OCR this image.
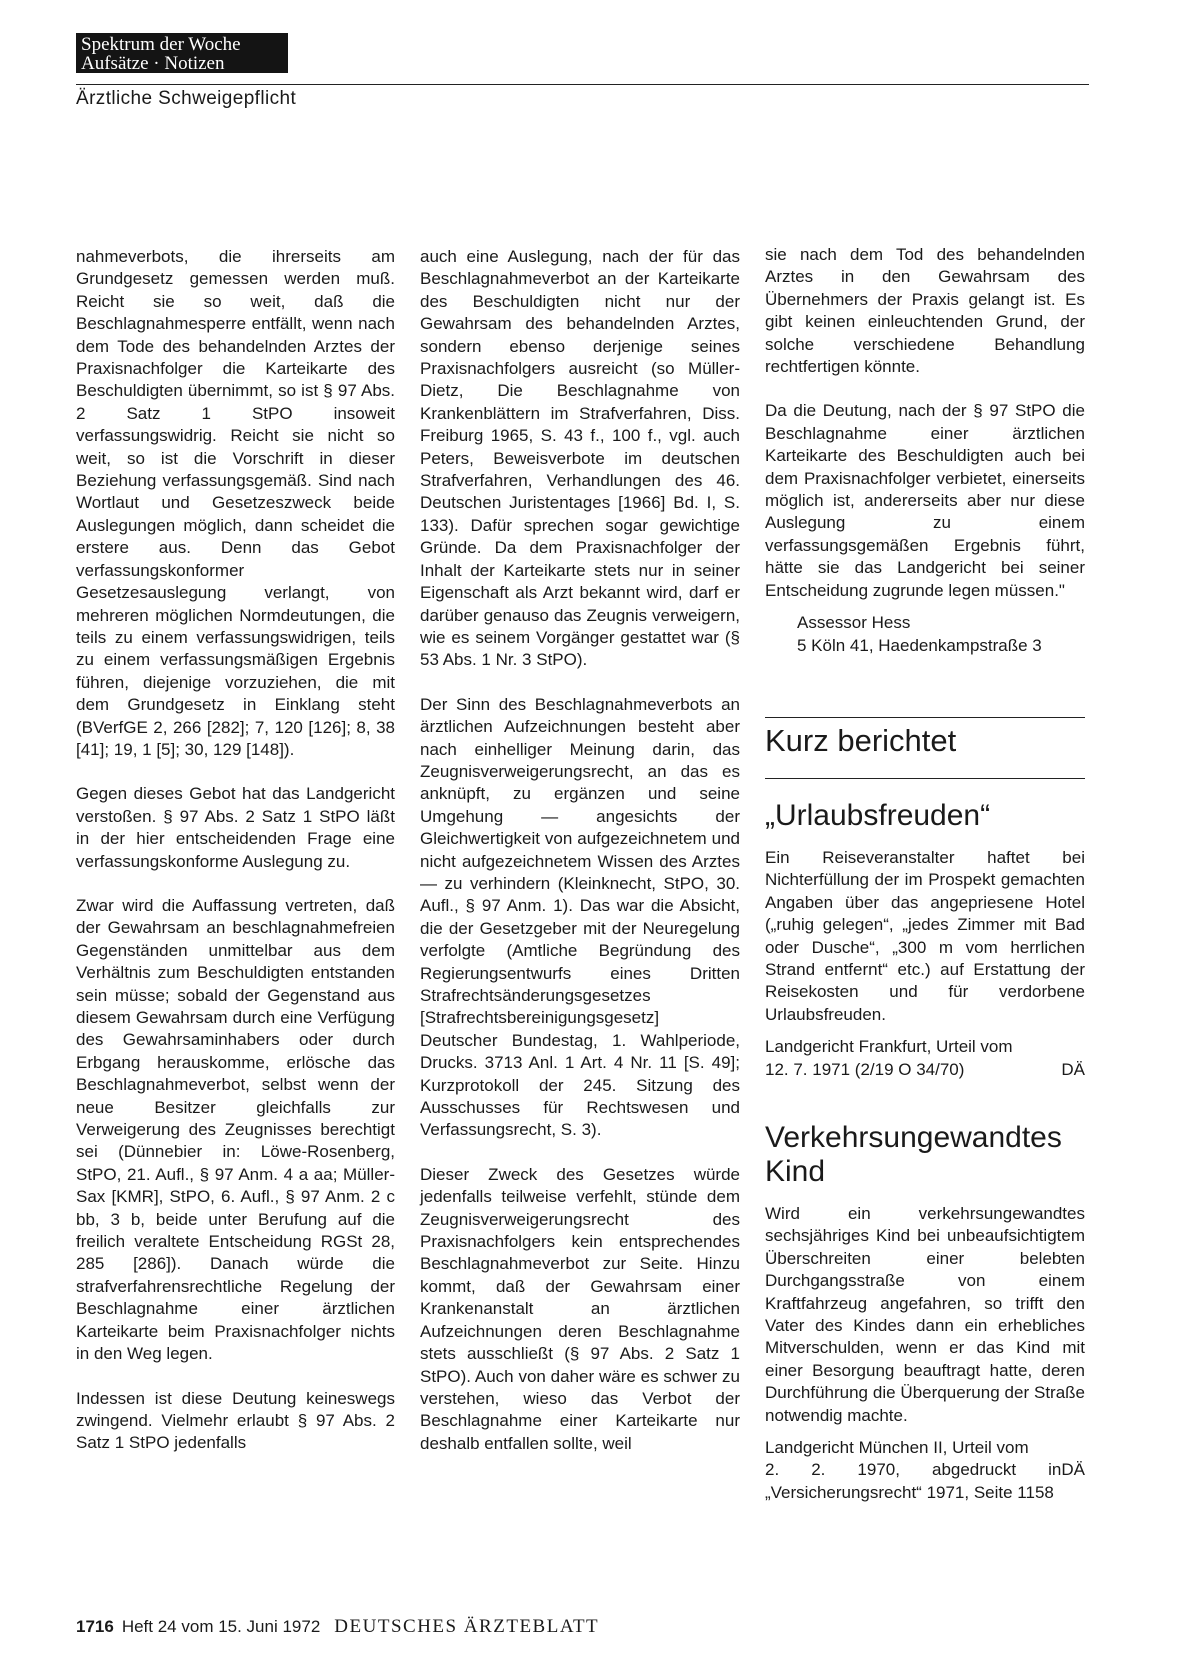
Spektrum der Woche
Aufsätze · Notizen
Ärztliche Schweigepflicht

nahmeverbots, die ihrerseits am Grundgesetz gemessen werden muß. Reicht sie so weit, daß die Beschlagnahmesperre entfällt, wenn nach dem Tode des behandelnden Arztes der Praxisnachfolger die Karteikarte des Beschuldigten übernimmt, so ist § 97 Abs. 2 Satz 1 StPO insoweit verfassungswidrig. Reicht sie nicht so weit, so ist die Vorschrift in dieser Beziehung verfassungsgemäß. Sind nach Wortlaut und Gesetzeszweck beide Auslegungen möglich, dann scheidet die erstere aus. Denn das Gebot verfassungskonformer Gesetzesauslegung verlangt, von mehreren möglichen Normdeutungen, die teils zu einem verfassungswidrigen, teils zu einem verfassungsmäßigen Ergebnis führen, diejenige vorzuziehen, die mit dem Grundgesetz in Einklang steht (BVerfGE 2, 266 [282]; 7, 120 [126]; 8, 38 [41]; 19, 1 [5]; 30, 129 [148]).

Gegen dieses Gebot hat das Landgericht verstoßen. § 97 Abs. 2 Satz 1 StPO läßt in der hier entscheidenden Frage eine verfassungskonforme Auslegung zu.

Zwar wird die Auffassung vertreten, daß der Gewahrsam an beschlagnahmefreien Gegenständen unmittelbar aus dem Verhältnis zum Beschuldigten entstanden sein müsse; sobald der Gegenstand aus diesem Gewahrsam durch eine Verfügung des Gewahrsaminhabers oder durch Erbgang herauskomme, erlösche das Beschlagnahmeverbot, selbst wenn der neue Besitzer gleichfalls zur Verweigerung des Zeugnisses berechtigt sei (Dünnebier in: Löwe-Rosenberg, StPO, 21. Aufl., § 97 Anm. 4 a aa; Müller-Sax [KMR], StPO, 6. Aufl., § 97 Anm. 2 c bb, 3 b, beide unter Berufung auf die freilich veraltete Entscheidung RGSt 28, 285 [286]). Danach würde die strafverfahrensrechtliche Regelung der Beschlagnahme einer ärztlichen Karteikarte beim Praxisnachfolger nichts in den Weg legen.

Indessen ist diese Deutung keineswegs zwingend. Vielmehr erlaubt § 97 Abs. 2 Satz 1 StPO jedenfalls

auch eine Auslegung, nach der für das Beschlagnahmeverbot an der Karteikarte des Beschuldigten nicht nur der Gewahrsam des behandelnden Arztes, sondern ebenso derjenige seines Praxisnachfolgers ausreicht (so Müller-Dietz, Die Beschlagnahme von Krankenblättern im Strafverfahren, Diss. Freiburg 1965, S. 43 f., 100 f., vgl. auch Peters, Beweisverbote im deutschen Strafverfahren, Verhandlungen des 46. Deutschen Juristentages [1966] Bd. I, S. 133). Dafür sprechen sogar gewichtige Gründe. Da dem Praxisnachfolger der Inhalt der Karteikarte stets nur in seiner Eigenschaft als Arzt bekannt wird, darf er darüber genauso das Zeugnis verweigern, wie es seinem Vorgänger gestattet war (§ 53 Abs. 1 Nr. 3 StPO).

Der Sinn des Beschlagnahmeverbots an ärztlichen Aufzeichnungen besteht aber nach einhelliger Meinung darin, das Zeugnisverweigerungsrecht, an das es anknüpft, zu ergänzen und seine Umgehung — angesichts der Gleichwertigkeit von aufgezeichnetem und nicht aufgezeichnetem Wissen des Arztes — zu verhindern (Kleinknecht, StPO, 30. Aufl., § 97 Anm. 1). Das war die Absicht, die der Gesetzgeber mit der Neuregelung verfolgte (Amtliche Begründung des Regierungsentwurfs eines Dritten Strafrechtsänderungsgesetzes [Strafrechtsbereinigungsgesetz] Deutscher Bundestag, 1. Wahlperiode, Drucks. 3713 Anl. 1 Art. 4 Nr. 11 [S. 49]; Kurzprotokoll der 245. Sitzung des Ausschusses für Rechtswesen und Verfassungsrecht, S. 3).

Dieser Zweck des Gesetzes würde jedenfalls teilweise verfehlt, stünde dem Zeugnisverweigerungsrecht des Praxisnachfolgers kein entsprechendes Beschlagnahmeverbot zur Seite. Hinzu kommt, daß der Gewahrsam einer Krankenanstalt an ärztlichen Aufzeichnungen deren Beschlagnahme stets ausschließt (§ 97 Abs. 2 Satz 1 StPO). Auch von daher wäre es schwer zu verstehen, wieso das Verbot der Beschlagnahme einer Karteikarte nur deshalb entfallen sollte, weil

sie nach dem Tod des behandelnden Arztes in den Gewahrsam des Übernehmers der Praxis gelangt ist. Es gibt keinen einleuchtenden Grund, der solche verschiedene Behandlung rechtfertigen könnte.

Da die Deutung, nach der § 97 StPO die Beschlagnahme einer ärztlichen Karteikarte des Beschuldigten auch bei dem Praxisnachfolger verbietet, einerseits möglich ist, andererseits aber nur diese Auslegung zu einem verfassungsgemäßen Ergebnis führt, hätte sie das Landgericht bei seiner Entscheidung zugrunde legen müssen."

Assessor Hess
5 Köln 41, Haedenkampstraße 3
Kurz berichtet
„Urlaubsfreuden“

Ein Reiseveranstalter haftet bei Nichterfüllung der im Prospekt gemachten Angaben über das angepriesene Hotel („ruhig gelegen“, „jedes Zimmer mit Bad oder Dusche“, „300 m vom herrlichen Strand entfernt“ etc.) auf Erstattung der Reisekosten und für verdorbene Urlaubsfreuden.

Landgericht Frankfurt, Urteil vom
12. 7. 1971 (2/19 O 34/70)	DÄ
Verkehrsungewandtes Kind

Wird ein verkehrsungewandtes sechsjähriges Kind bei unbeaufsichtigtem Überschreiten einer belebten Durchgangsstraße von einem Kraftfahrzeug angefahren, so trifft den Vater des Kindes dann ein erhebliches Mitverschulden, wenn er das Kind mit einer Besorgung beauftragt hatte, deren Durchführung die Überquerung der Straße notwendig machte.

Landgericht München II, Urteil vom
2. 2. 1970, abgedruckt in „Versicherungsrecht“ 1971, Seite 1158
DÄ
1716 Heft 24 vom 15. Juni 1972 DEUTSCHES ÄRZTEBLATT
